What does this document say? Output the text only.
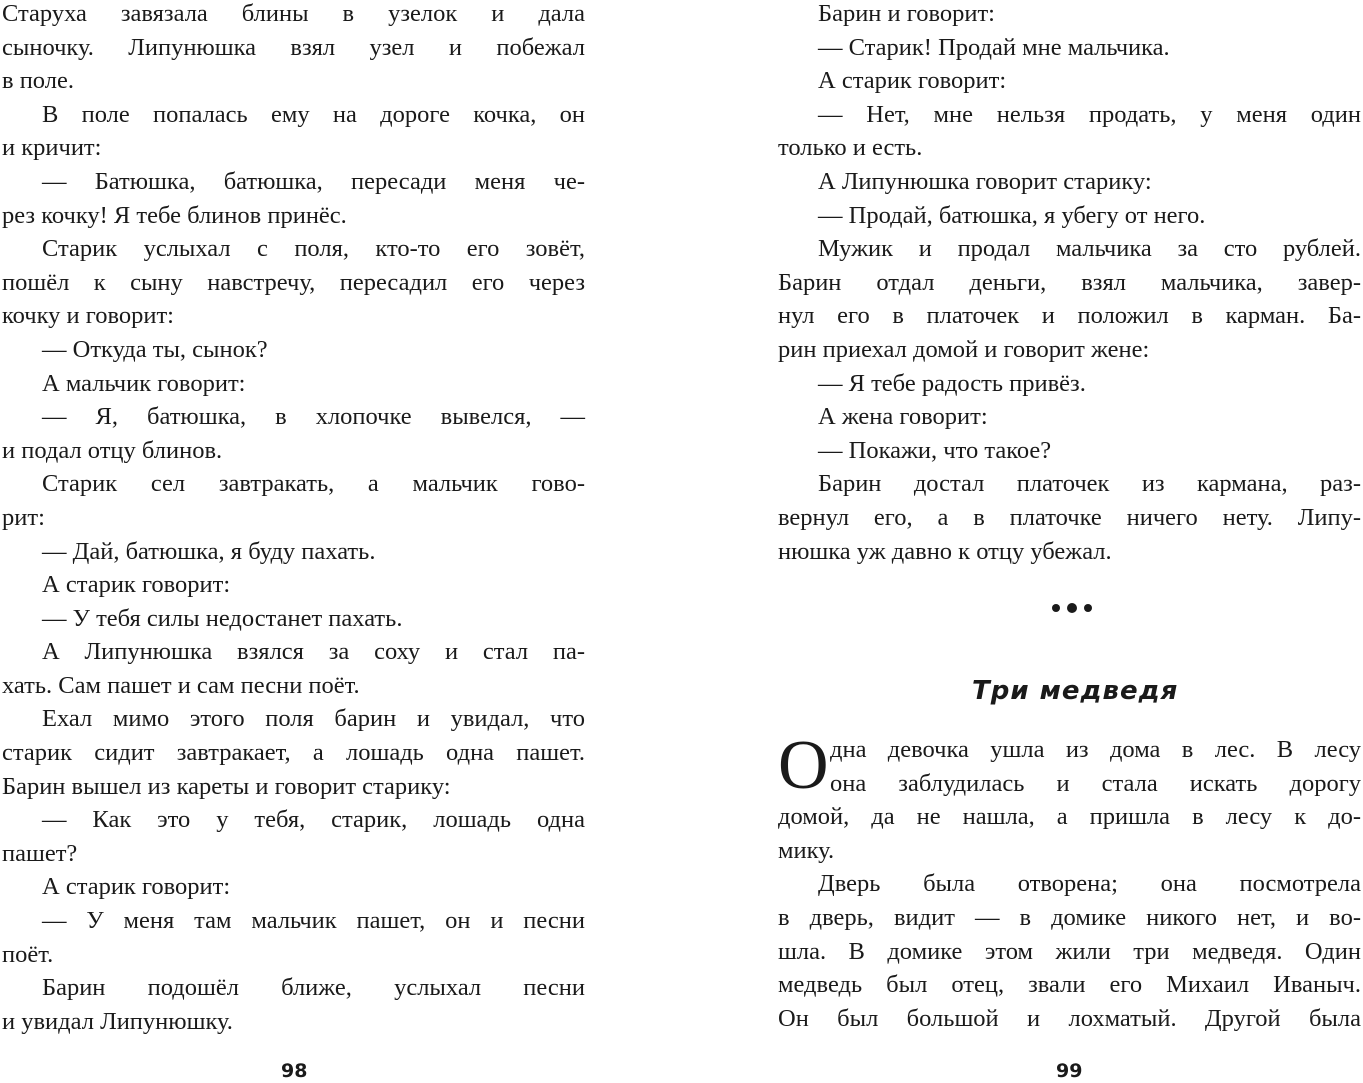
Старуха завязала блины в узелок и дала
сыночку. Липунюшка взял узел и побежал
в поле.
В поле попалась ему на дороге кочка, он
и кричит:
— Батюшка, батюшка, пересади меня че-
рез кочку! Я тебе блинов принёс.
Старик услыхал с поля, кто-то его зовёт,
пошёл к сыну навстречу, пересадил его через
кочку и говорит:
— Откуда ты, сынок?
А мальчик говорит:
— Я, батюшка, в хлопочке вывелся, —
и подал отцу блинов.
Старик сел завтракать, а мальчик гово-
рит:
— Дай, батюшка, я буду пахать.
А старик говорит:
— У тебя силы недостанет пахать.
А Липунюшка взялся за соху и стал па-
хать. Сам пашет и сам песни поёт.
Ехал мимо этого поля барин и увидал, что
старик сидит завтракает, а лошадь одна пашет.
Барин вышел из кареты и говорит старику:
— Как это у тебя, старик, лошадь одна
пашет?
А старик говорит:
— У меня там мальчик пашет, он и песни
поёт.
Барин подошёл ближе, услыхал песни
и увидал Липунюшку.
98
Барин и говорит:
— Старик! Продай мне мальчика.
А старик говорит:
— Нет, мне нельзя продать, у меня один
только и есть.
А Липунюшка говорит старику:
— Продай, батюшка, я убегу от него.
Мужик и продал мальчика за сто рублей.
Барин отдал деньги, взял мальчика, завер-
нул его в платочек и положил в карман. Ба-
рин приехал домой и говорит жене:
— Я тебе радость привёз.
А жена говорит:
— Покажи, что такое?
Барин достал платочек из кармана, раз-
вернул его, а в платочке ничего нету. Липу-
нюшка уж давно к отцу убежал.
Три медведя
О дна девочка ушла из дома в лес. В лесу
она заблудилась и стала искать дорогу
домой, да не нашла, а пришла в лесу к до-
мику.
Дверь была отворена; она посмотрела
в дверь, видит — в домике никого нет, и во-
шла. В домике этом жили три медведя. Один
медведь был отец, звали его Михаил Иваныч.
Он был большой и лохматый. Другой была
99
